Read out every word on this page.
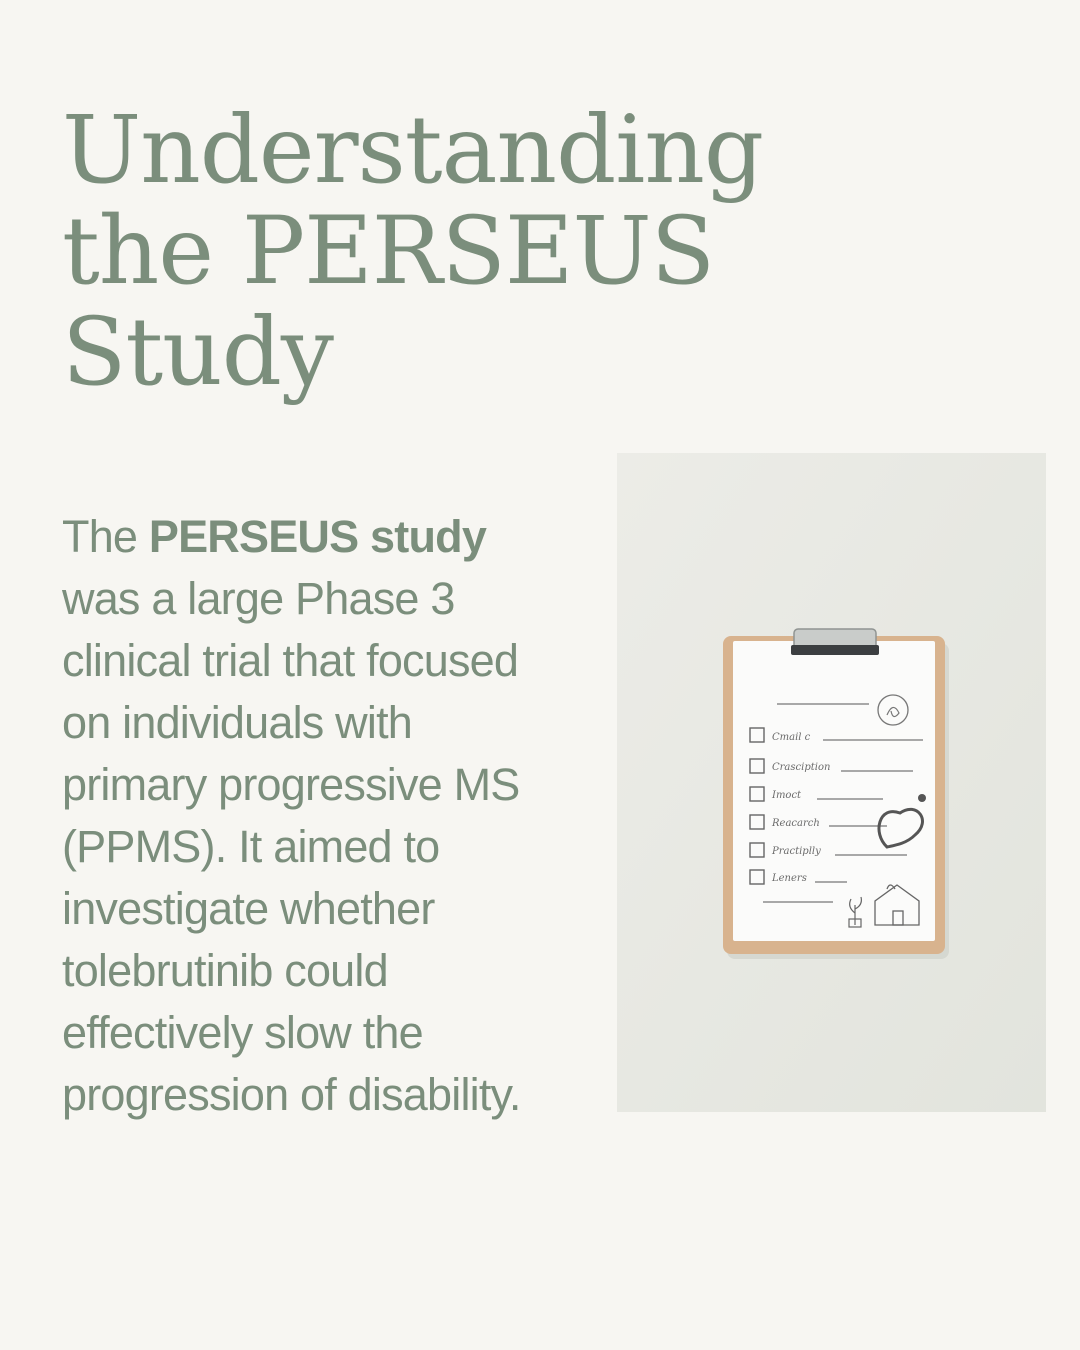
Understanding
the PERSEUS
Study
The PERSEUS study
was a large Phase 3
clinical trial that focused
on individuals with
primary progressive MS
(PPMS). It aimed to
investigate whether
tolebrutinib could
effectively slow the
progression of disability.
Cmail c
Crasciption
Imoct
Reacarch
Practiplly
Leners
